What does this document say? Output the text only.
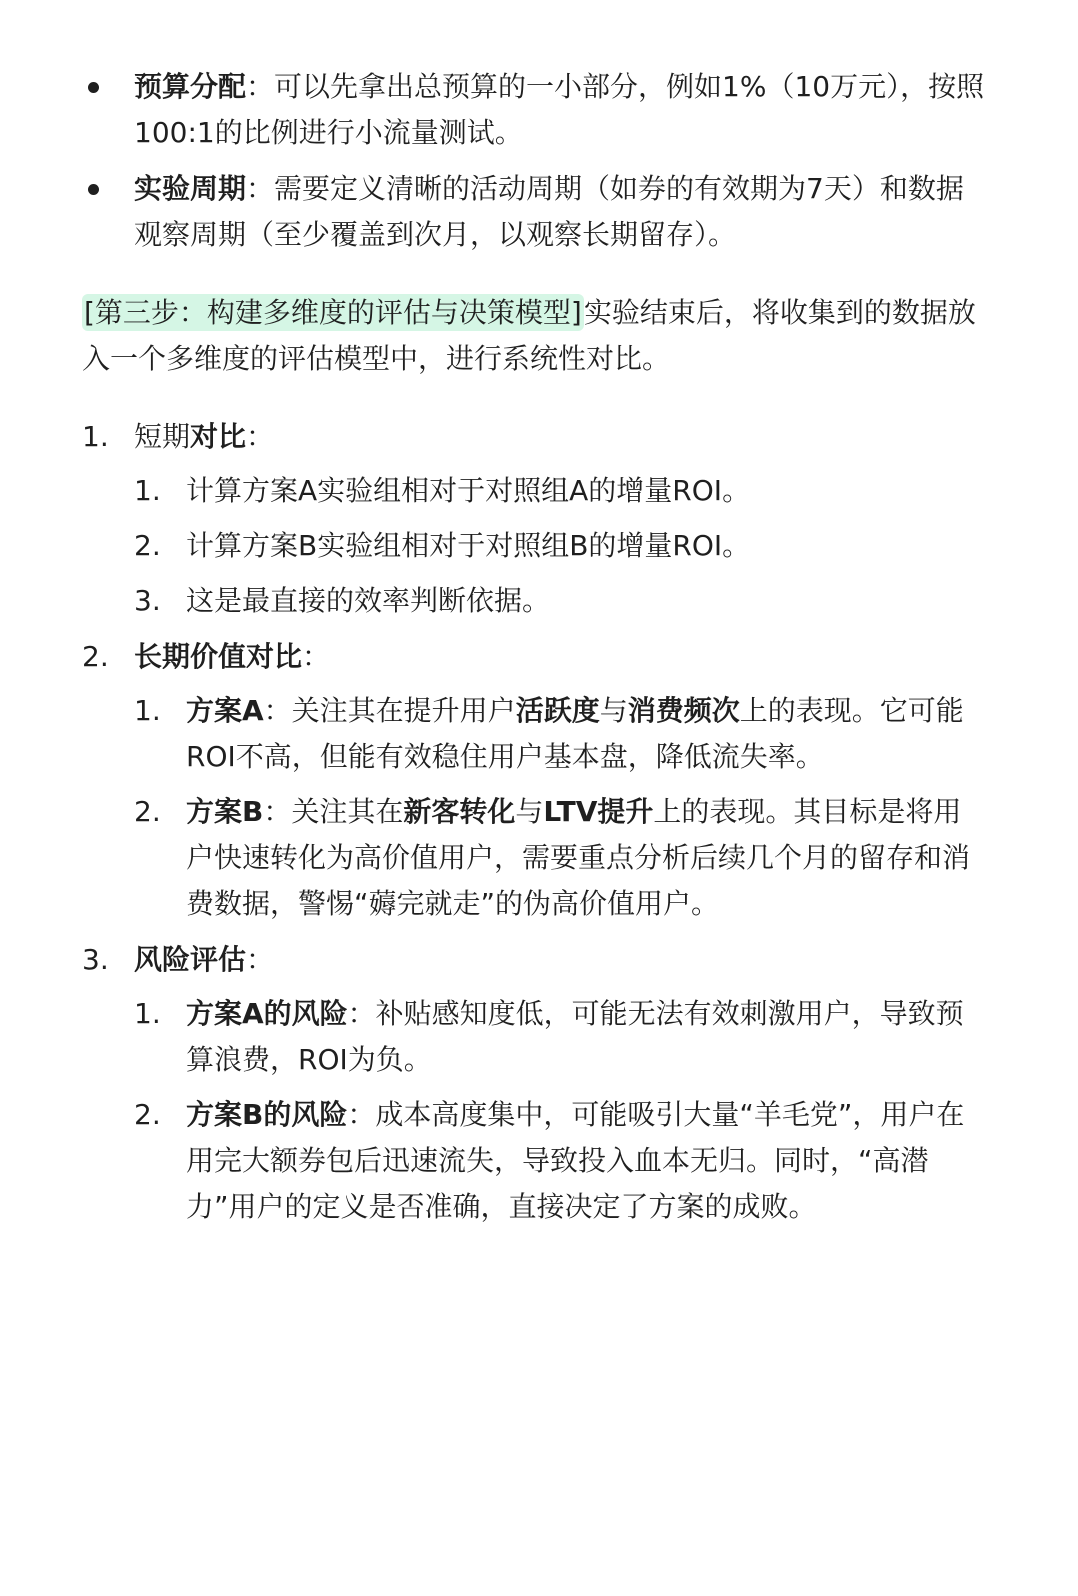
预算分配：可以先拿出总预算的一小部分，例如1%（10万元），按照100:1的比例进行小流量测试。
实验周期：需要定义清晰的活动周期（如券的有效期为7天）和数据观察周期（至少覆盖到次月，以观察长期留存）。

[第三步：构建多维度的评估与决策模型]实验结束后，将收集到的数据放入一个多维度的评估模型中，进行系统性对比。

1. 短期对比：
1. 计算方案A实验组相对于对照组A的增量ROI。
2. 计算方案B实验组相对于对照组B的增量ROI。
3. 这是最直接的效率判断依据。
2. 长期价值对比：
1. 方案A：关注其在提升用户活跃度与消费频次上的表现。它可能ROI不高，但能有效稳住用户基本盘，降低流失率。
2. 方案B：关注其在新客转化与LTV提升上的表现。其目标是将用户快速转化为高价值用户，需要重点分析后续几个月的留存和消费数据，警惕“薅完就走”的伪高价值用户。
3. 风险评估：
1. 方案A的风险：补贴感知度低，可能无法有效刺激用户，导致预算浪费，ROI为负。
2. 方案B的风险：成本高度集中，可能吸引大量“羊毛党”，用户在用完大额券包后迅速流失，导致投入血本无归。同时，“高潜力”用户的定义是否准确，直接决定了方案的成败。
